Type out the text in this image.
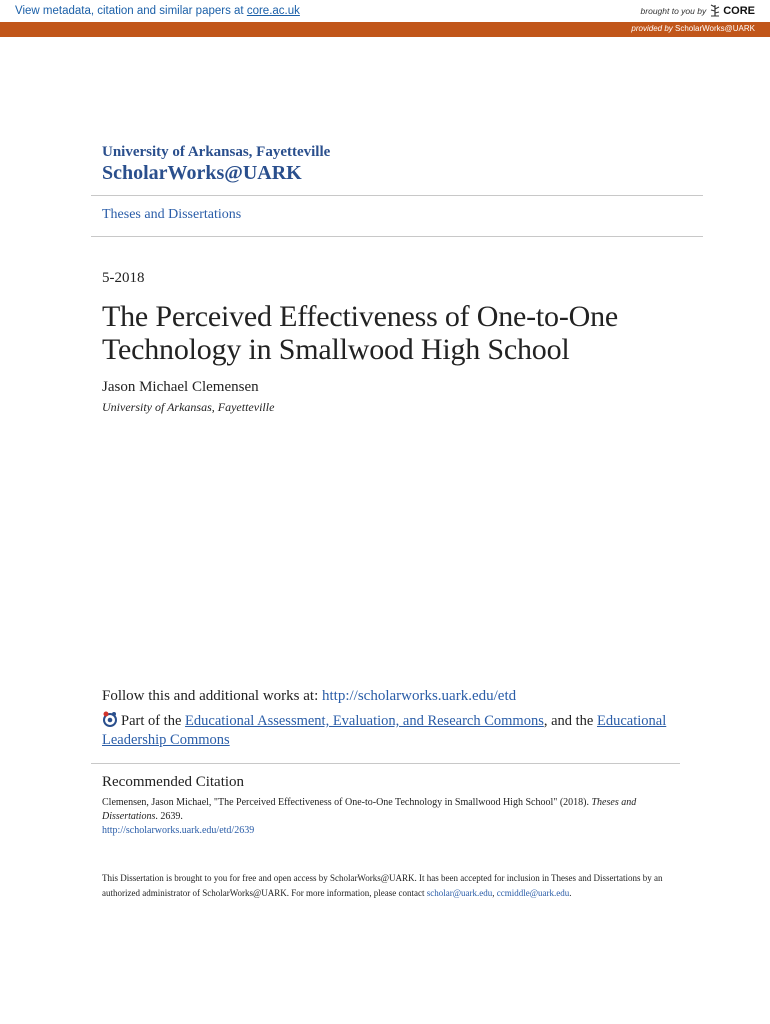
View metadata, citation and similar papers at core.ac.uk	brought to you by CORE
provided by ScholarWorks@UARK
University of Arkansas, Fayetteville
ScholarWorks@UARK
Theses and Dissertations
5-2018
The Perceived Effectiveness of One-to-One
Technology in Smallwood High School
Jason Michael Clemensen
University of Arkansas, Fayetteville
Follow this and additional works at: http://scholarworks.uark.edu/etd
Part of the Educational Assessment, Evaluation, and Research Commons, and the Educational Leadership Commons
Recommended Citation
Clemensen, Jason Michael, "The Perceived Effectiveness of One-to-One Technology in Smallwood High School" (2018). Theses and Dissertations. 2639.
http://scholarworks.uark.edu/etd/2639
This Dissertation is brought to you for free and open access by ScholarWorks@UARK. It has been accepted for inclusion in Theses and Dissertations by an authorized administrator of ScholarWorks@UARK. For more information, please contact scholar@uark.edu, ccmiddle@uark.edu.
